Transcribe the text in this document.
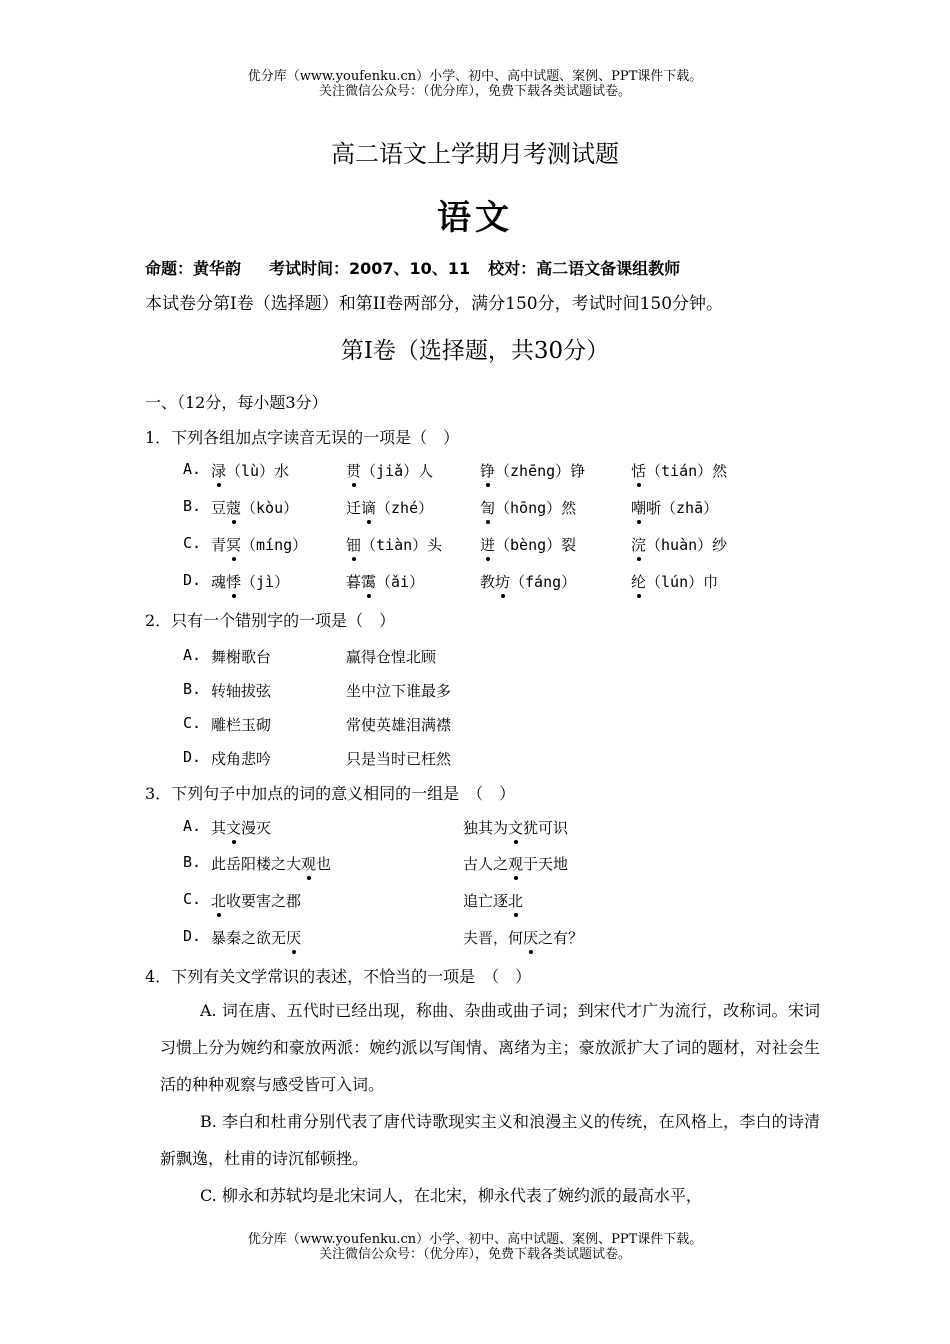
优分库（www.youfenku.cn）小学、初中、高中试题、案例、PPT课件下载。
关注微信公众号：（优分库），免费下载各类试题试卷。
高二语文上学期月考测试题
语文
命题：黄华韵 考试时间：2007、10、11 校对：高二语文备课组教师
本试卷分第I卷（选择题）和第II卷两部分，满分150分，考试时间150分钟。
第I卷（选择题，共30分）
一、（12分，每小题3分）
1．下列各组加点字读音无误的一项是（　）
A. 渌（lù）水	贯（jiǎ）人	铮（zhēng）铮	恬（tián）然
B. 豆蔻（kòu）	迁谪（zhé）	訇（hōng）然	嘲哳（zhā）
C. 青冥（míng）	钿（tiàn）头	迸（bèng）裂	浣（huàn）纱
D. 魂悸（jì）	暮霭（ǎi）	教坊（fáng）	纶（lún）巾
2．只有一个错别字的一项是（　）
A. 舞榭歌台	赢得仓惶北顾
B. 转轴拔弦	坐中泣下谁最多
C. 雕栏玉砌	常使英雄泪满襟
D. 戍角悲吟	只是当时已枉然
3．下列句子中加点的词的意义相同的一组是　（　）
A. 其文漫灭	独其为文犹可识
B. 此岳阳楼之大观也	古人之观于天地
C. 北收要害之郡	追亡逐北
D. 暴秦之欲无厌	夫晋，何厌之有？
4．下列有关文学常识的表述，不恰当的一项是　（　）
A. 词在唐、五代时已经出现，称曲、杂曲或曲子词；到宋代才广为流行，改称词。宋词习惯上分为婉约和豪放两派：婉约派以写闺情、离绪为主；豪放派扩大了词的题材，对社会生活的种种观察与感受皆可入词。
B. 李白和杜甫分别代表了唐代诗歌现实主义和浪漫主义的传统，在风格上，李白的诗清新飘逸，杜甫的诗沉郁顿挫。
C. 柳永和苏轼均是北宋词人，在北宋，柳永代表了婉约派的最高水平，
优分库（www.youfenku.cn）小学、初中、高中试题、案例、PPT课件下载。
关注微信公众号：（优分库），免费下载各类试题试卷。
